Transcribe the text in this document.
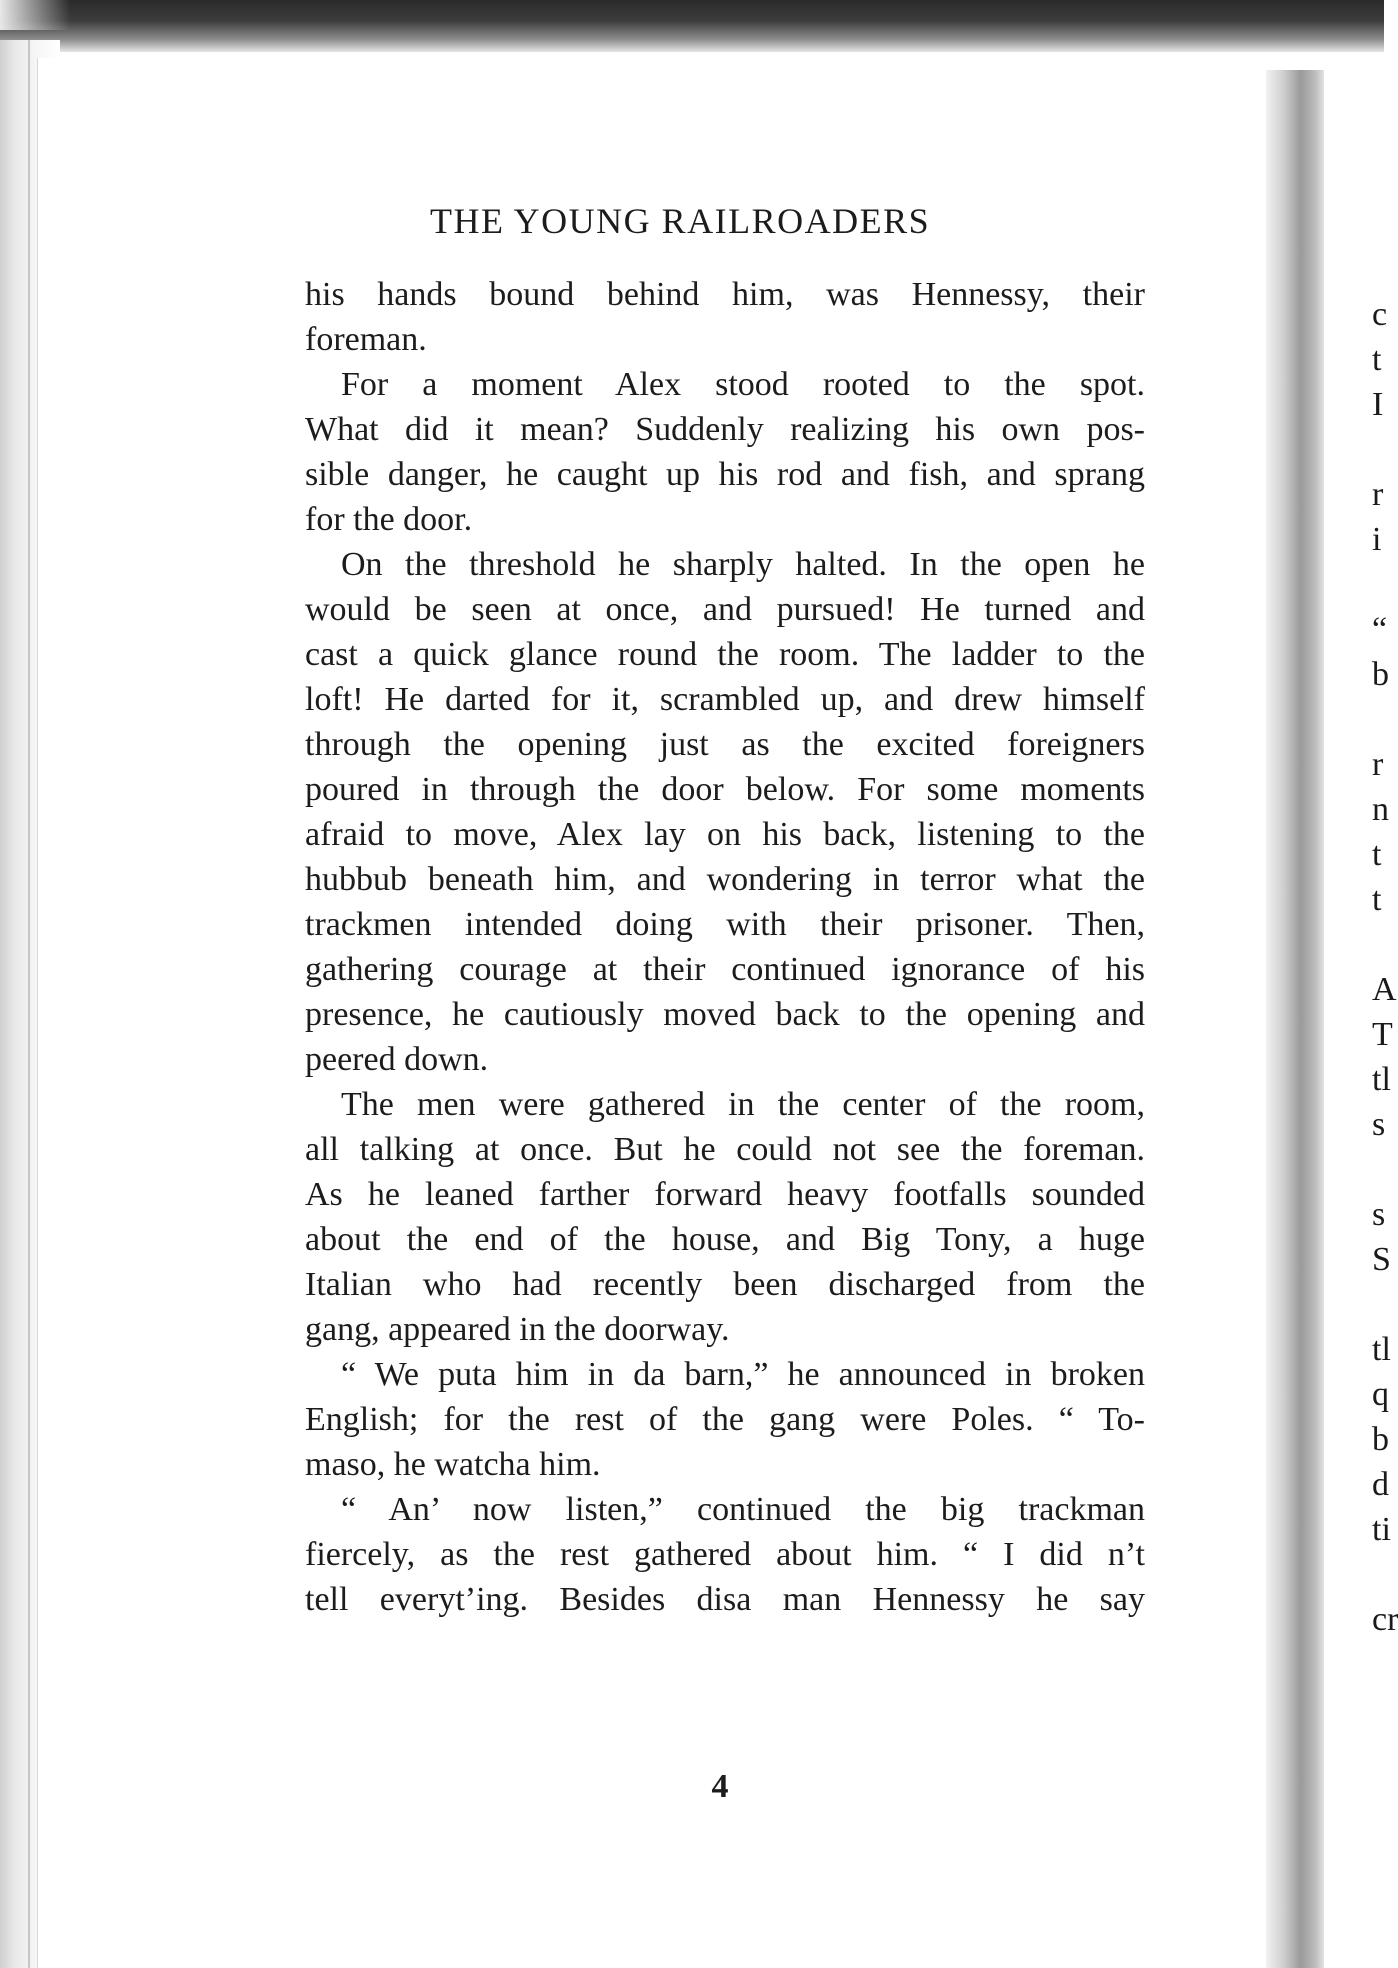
THE YOUNG RAILROADERS
his hands bound behind him, was Hennessy, their
foreman.
For a moment Alex stood rooted to the spot.
What did it mean? Suddenly realizing his own pos-
sible danger, he caught up his rod and fish, and sprang
for the door.
On the threshold he sharply halted. In the open he
would be seen at once, and pursued! He turned and
cast a quick glance round the room. The ladder to the
loft! He darted for it, scrambled up, and drew himself
through the opening just as the excited foreigners
poured in through the door below. For some moments
afraid to move, Alex lay on his back, listening to the
hubbub beneath him, and wondering in terror what the
trackmen intended doing with their prisoner. Then,
gathering courage at their continued ignorance of his
presence, he cautiously moved back to the opening and
peered down.
The men were gathered in the center of the room,
all talking at once. But he could not see the foreman.
As he leaned farther forward heavy footfalls sounded
about the end of the house, and Big Tony, a huge
Italian who had recently been discharged from the
gang, appeared in the doorway.
“ We puta him in da barn,” he announced in broken
English; for the rest of the gang were Poles. “ To-
maso, he watcha him.
“ An’ now listen,” continued the big trackman
fiercely, as the rest gathered about him. “ I did n’t
tell everyt’ing. Besides disa man Hennessy he say
4
c
t
I
r
i
“
b
r
n
t
t
A
T
tl
s
s
S
tl
q
b
d
ti
cr
